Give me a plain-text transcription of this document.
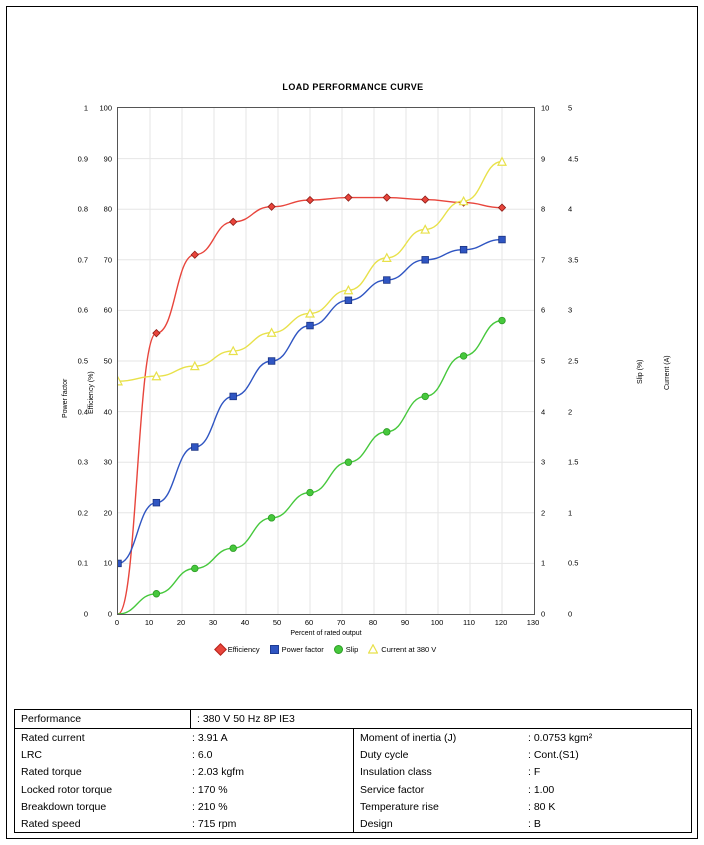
LOAD PERFORMANCE CURVE
0
0.1
0.2
0.3
0.4
0.5
0.6
0.7
0.8
0.9
1
Power factor
0
10
20
30
40
50
60
70
80
90
100
Efficiency (%)
0
1
2
3
4
5
6
7
8
9
10
Slip (%)
0
0.5
1
1.5
2
2.5
3
3.5
4
4.5
5
Current (A)
0	10	20	30	40	50	60	70	80	90	100	110	120	130
Percent of rated output
Efficiency	Power factor	Slip	Current at 380 V
Performance	: 380 V 50 Hz 8P IE3
Rated current	: 3.91 A
LRC	: 6.0
Rated torque	: 2.03 kgfm
Locked rotor torque	: 170 %
Breakdown torque	: 210 %
Rated speed	: 715 rpm
Moment of inertia (J)	: 0.0753 kgm²
Duty cycle	: Cont.(S1)
Insulation class	: F
Service factor	: 1.00
Temperature rise	: 80 K
Design	: B
